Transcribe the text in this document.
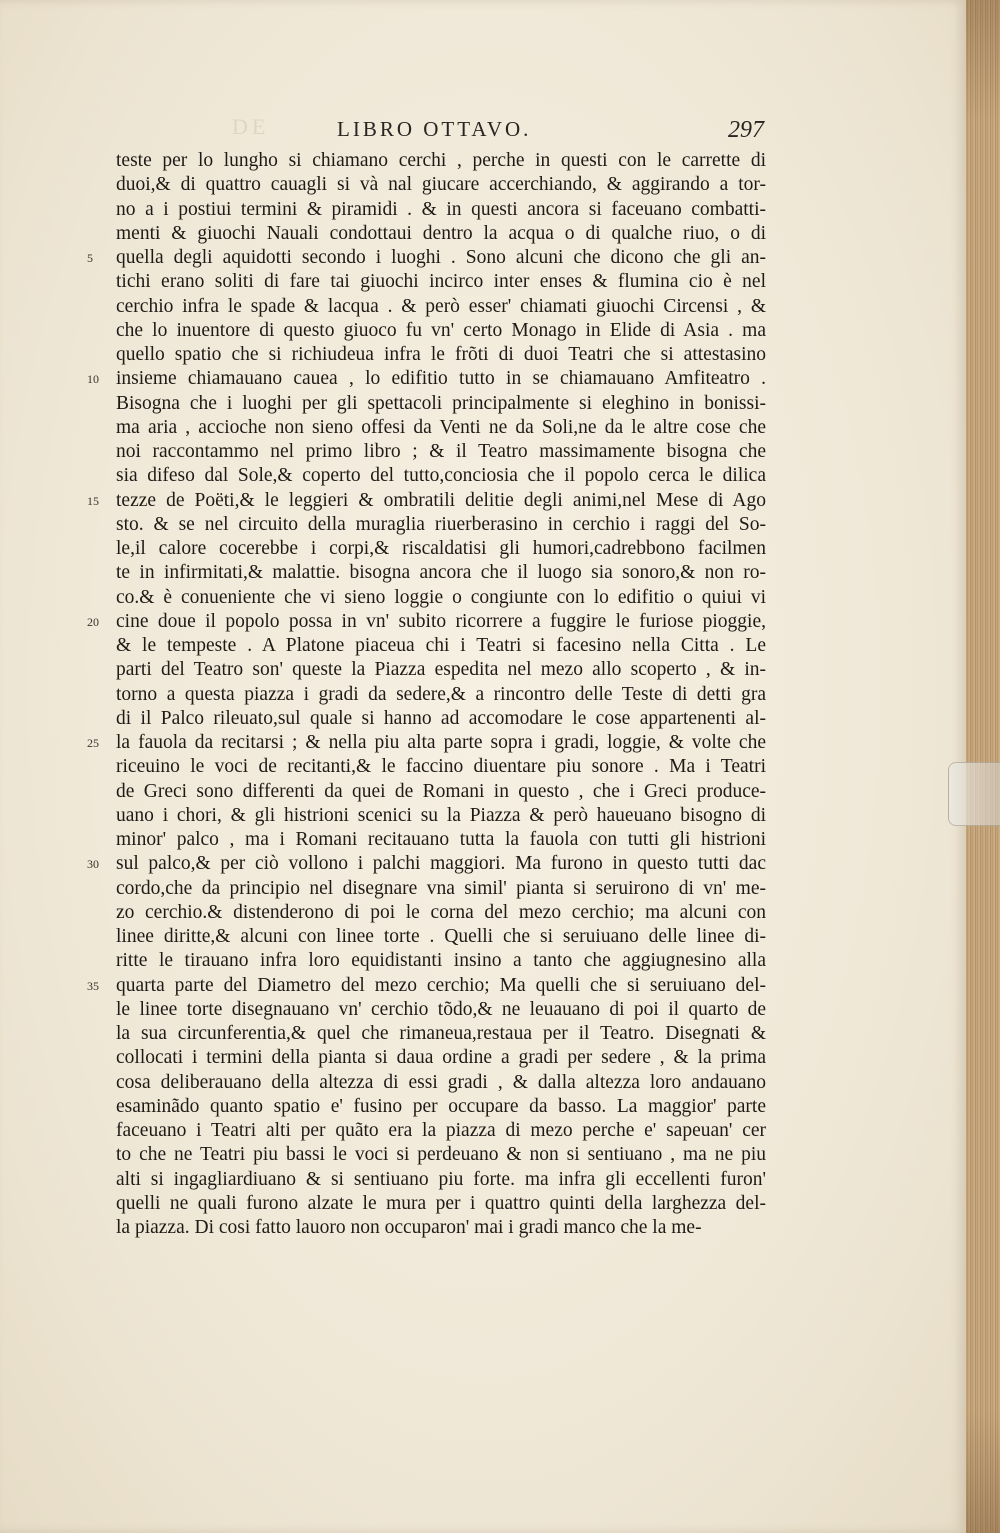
DE	LIBRO OTTAVO.	297
teste per lo lungho si chiamano cerchi , perche in questi con le carrette di
duoi,& di quattro cauagli si và nal giucare accerchiando, & aggirando a tor-
no a i postiui termini & piramidi . & in questi ancora si faceuano combatti-
menti & giuochi Nauali condottaui dentro la acqua o di qualche riuo, o di
5	quella degli aquidotti secondo i luoghi . Sono alcuni che dicono che gli an-
tichi erano soliti di fare tai giuochi incirco inter enses & flumina cio è nel
cerchio infra le spade & lacqua . & però esser' chiamati giuochi Circensi , &
che lo inuentore di questo giuoco fu vn' certo Monago in Elide di Asia . ma
quello spatio che si richiudeua infra le frõti di duoi Teatri che si attestasino
10 insieme chiamauano cauea , lo edifitio tutto in se chiamauano Amfiteatro .
Bisogna che i luoghi per gli spettacoli principalmente si eleghino in bonissi-
ma aria , accioche non sieno offesi da Venti ne da Soli,ne da le altre cose che
noi raccontammo nel primo libro ; & il Teatro massimamente bisogna che
sia difeso dal Sole,& coperto del tutto,conciosia che il popolo cerca le dilica
15 tezze de Poëti,& le leggieri & ombratili delitie degli animi,nel Mese di Ago
sto. & se nel circuito della muraglia riuerberasino in cerchio i raggi del So-
le,il calore cocerebbe i corpi,& riscaldatisi gli humori,cadrebbono facilmen
te in infirmitati,& malattie. bisogna ancora che il luogo sia sonoro,& non ro-
co.& è conueniente che vi sieno loggie o congiunte con lo edifitio o quiui vi
20 cine doue il popolo possa in vn' subito ricorrere a fuggire le furiose pioggie,
& le tempeste . A Platone piaceua chi i Teatri si facesino nella Citta . Le
parti del Teatro son' queste la Piazza espedita nel mezo allo scoperto , & in-
torno a questa piazza i gradi da sedere,& a rincontro delle Teste di detti gra
di il Palco rileuato,sul quale si hanno ad accomodare le cose appartenenti al-
25 la fauola da recitarsi ; & nella piu alta parte sopra i gradi, loggie, & volte che
riceuino le voci de recitanti,& le faccino diuentare piu sonore . Ma i Teatri
de Greci sono differenti da quei de Romani in questo , che i Greci produce-
uano i chori, & gli histrioni scenici su la Piazza & però haueuano bisogno di
minor' palco , ma i Romani recitauano tutta la fauola con tutti gli histrioni
30 sul palco,& per ciò vollono i palchi maggiori. Ma furono in questo tutti dac
cordo,che da principio nel disegnare vna simil' pianta si seruirono di vn' me-
zo cerchio.& distenderono di poi le corna del mezo cerchio; ma alcuni con
linee diritte,& alcuni con linee torte . Quelli che si seruiuano delle linee di-
ritte le tirauano infra loro equidistanti insino a tanto che aggiugnesino alla
35 quarta parte del Diametro del mezo cerchio; Ma quelli che si seruiuano del-
le linee torte disegnauano vn' cerchio tõdo,& ne leuauano di poi il quarto de
la sua circunferentia,& quel che rimaneua,restaua per il Teatro. Disegnati &
collocati i termini della pianta si daua ordine a gradi per sedere , & la prima
cosa deliberauano della altezza di essi gradi , & dalla altezza loro andauano
esaminãdo quanto spatio e' fusino per occupare da basso. La maggior' parte
faceuano i Teatri alti per quãto era la piazza di mezo perche e' sapeuan' cer
to che ne Teatri piu bassi le voci si perdeuano & non si sentiuano , ma ne piu
alti si ingagliardiuano & si sentiuano piu forte. ma infra gli eccellenti furon'
quelli ne quali furono alzate le mura per i quattro quinti della larghezza del-
la piazza. Di cosi fatto lauoro non occuparon' mai i gradi manco che la me-
